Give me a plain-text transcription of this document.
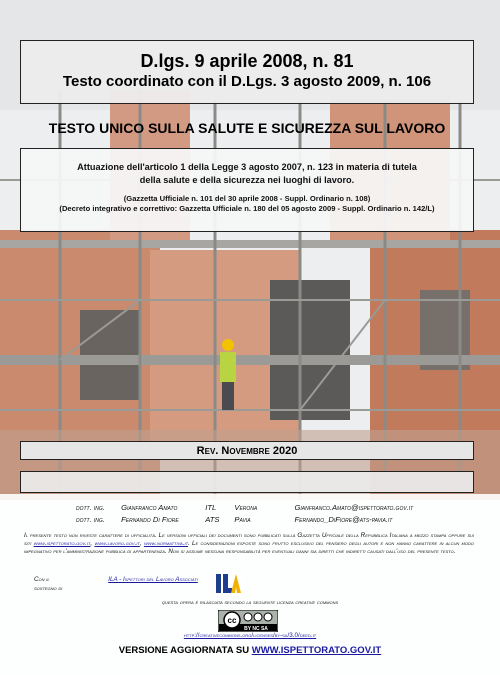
D.lgs. 9 aprile 2008, n. 81
Testo coordinato con il D.Lgs. 3 agosto 2009, n. 106
TESTO UNICO SULLA SALUTE E SICUREZZA SUL LAVORO
Attuazione dell'articolo 1 della Legge 3 agosto 2007, n. 123 in materia di tutela
della salute e della sicurezza nei luoghi di lavoro.
(Gazzetta Ufficiale n. 101 del 30 aprile 2008 - Suppl. Ordinario n. 108)
(Decreto integrativo e correttivo: Gazzetta Ufficiale n. 180 del 05 agosto 2009 - Suppl. Ordinario n. 142/L)
Rev. Novembre 2020
dott. ing. Gianfranco Amato	ITL Verona	Gianfranco.Amato@ispettorato.gov.it
dott. ing. Fernando Di Fiore	ATS Pavia	Fernando_DiFiore@ats-pavia.it
Il presente testo non riveste carattere di ufficialità. Le versioni ufficiali dei documenti sono pubblicati sulla Gazzetta Ufficiale della Repubblica Italiana a mezzo stampa oppure sui siti www.ispettorato.gov.it, www.lavoro.gov.it, www.normattiva.it. Le considerazioni esposte sono frutto esclusivo del pensiero degli autori e non hanno carattere in alcun modo impegnativo per l'amministrazione pubblica di appartenenza. Non si assume nessuna responsabilità per eventuali danni sia diretti che indiretti causati dall'uso del presente testo.
Con il sostegno di
ILA - Ispettori del Lavoro Associati
questa opera è rilasciata secondo la seguente licenza creative commons
cc
BY NC SA
http://creativecommons.org/licenses/by-sa/3.0/deed.it
VERSIONE AGGIORNATA SU WWW.ISPETTORATO.GOV.IT
